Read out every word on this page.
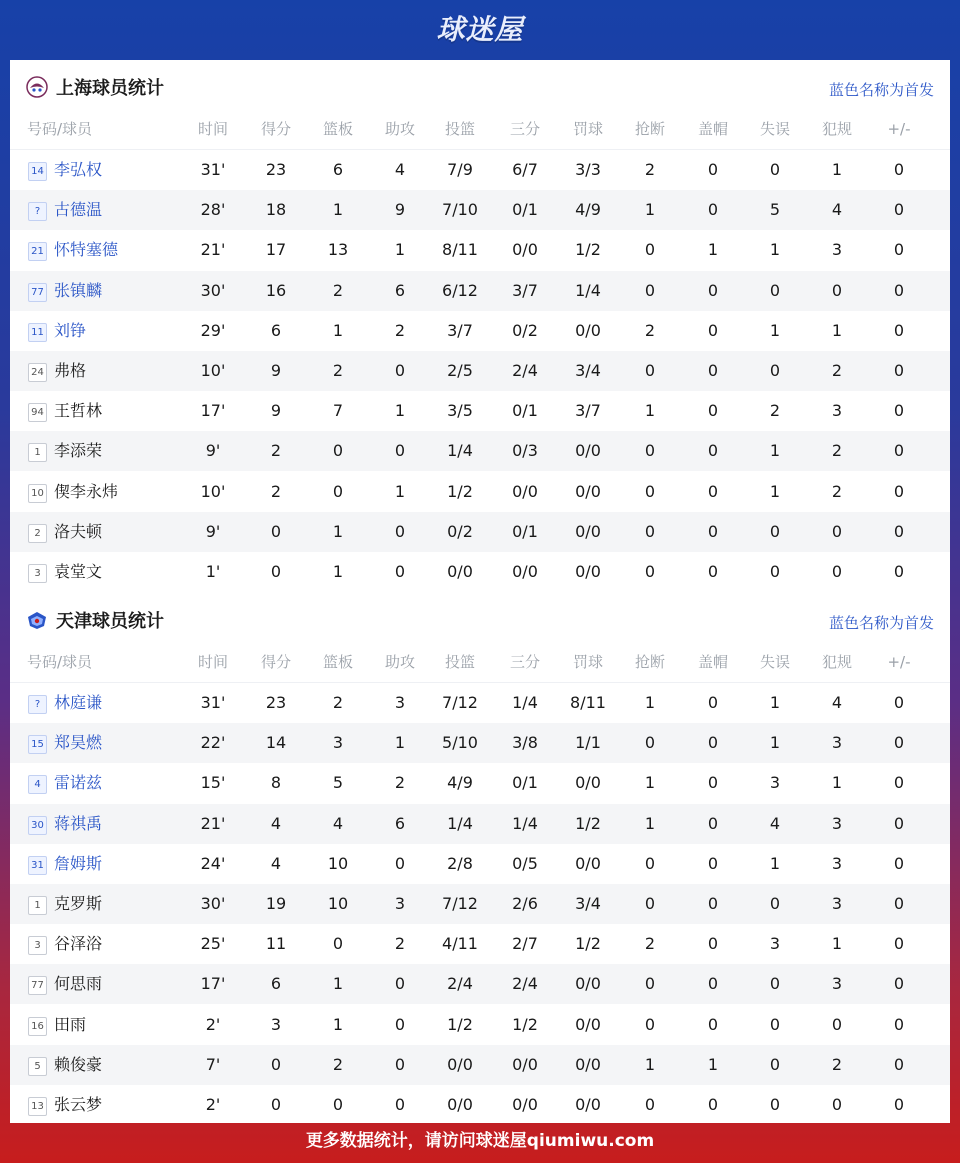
球迷屋
上海球员统计	蓝色名称为首发
号码/球员	时间	得分	篮板	助攻	投篮	三分	罚球	抢断	盖帽	失误	犯规	+/-
14 李弘权	31'	23	6	4	7/9	6/7	3/3	2	0	0	1	0
? 古德温	28'	18	1	9	7/10	0/1	4/9	1	0	5	4	0
21 怀特塞德	21'	17	13	1	8/11	0/0	1/2	0	1	1	3	0
77 张镇麟	30'	16	2	6	6/12	3/7	1/4	0	0	0	0	0
11 刘铮	29'	6	1	2	3/7	0/2	0/0	2	0	1	1	0
24 弗格	10'	9	2	0	2/5	2/4	3/4	0	0	0	2	0
94 王哲林	17'	9	7	1	3/5	0/1	3/7	1	0	2	3	0
1 李添荣	9'	2	0	0	1/4	0/3	0/0	0	0	1	2	0
10 偰李永炜	10'	2	0	1	1/2	0/0	0/0	0	0	1	2	0
2 洛夫顿	9'	0	1	0	0/2	0/1	0/0	0	0	0	0	0
3 袁堂文	1'	0	1	0	0/0	0/0	0/0	0	0	0	0	0
天津球员统计	蓝色名称为首发
号码/球员	时间	得分	篮板	助攻	投篮	三分	罚球	抢断	盖帽	失误	犯规	+/-
? 林庭谦	31'	23	2	3	7/12	1/4	8/11	1	0	1	4	0
15 郑昊燃	22'	14	3	1	5/10	3/8	1/1	0	0	1	3	0
4 雷诺兹	15'	8	5	2	4/9	0/1	0/0	1	0	3	1	0
30 蒋祺禹	21'	4	4	6	1/4	1/4	1/2	1	0	4	3	0
31 詹姆斯	24'	4	10	0	2/8	0/5	0/0	0	0	1	3	0
1 克罗斯	30'	19	10	3	7/12	2/6	3/4	0	0	0	3	0
3 谷泽浴	25'	11	0	2	4/11	2/7	1/2	2	0	3	1	0
77 何思雨	17'	6	1	0	2/4	2/4	0/0	0	0	0	3	0
16 田雨	2'	3	1	0	1/2	1/2	0/0	0	0	0	0	0
5 赖俊豪	7'	0	2	0	0/0	0/0	0/0	1	1	0	2	0
13 张云梦	2'	0	0	0	0/0	0/0	0/0	0	0	0	0	0
更多数据统计，请访问球迷屋qiumiwu.com
